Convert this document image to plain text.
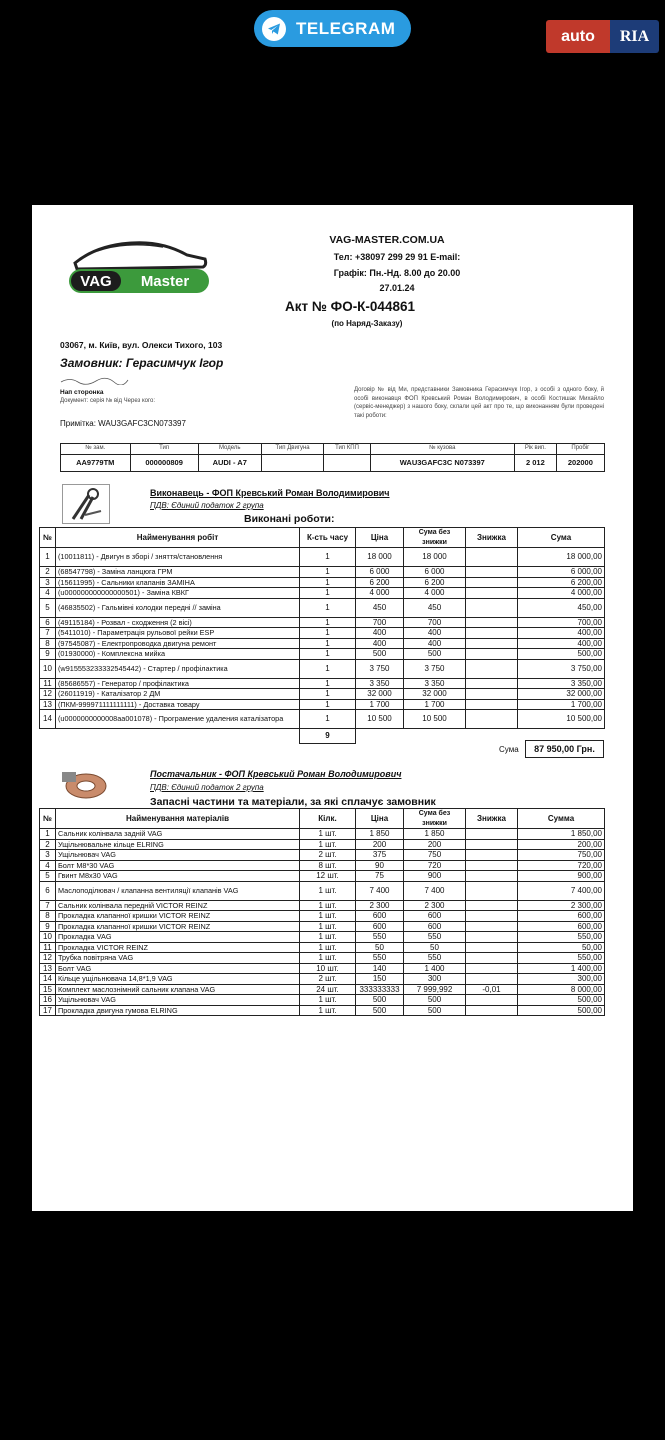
TELEGRAM	auto	RIA
VAG Master
VAG-MASTER.COM.UA
Тел: +38097 299 29 91 E-mail:
Графік: Пн.-Нд. 8.00 до 20.00
27.01.24
Акт № ФО-К-044861
(по Наряд-Заказу)
03067, м. Київ, вул. Олекси Тихого, 103
Замовник: Герасимчук Ігор
Нап сторонка
Документ: серія № від Через кого:
Примітка: WAU3GAFC3CN073397
Договір № від Ми, представники Замовника Герасимчук Ігор, з особі з одного боку, й особі виконавця ФОП Кревський Роман Володимирович, в особі Костишак Михайло (сервіс-менеджер) з нашого боку, склали цей акт про те, що виконанням були проведені такі роботи:
№ зам.	Тип	Модель	Тип Двигуна	Тип КПП	№ кузова	Рік вип.	Пробіг
AA9779TM	000000809	AUDI - A7			WAU3GAFC3C N073397	2 012	202000
Виконавець - ФОП Кревський Роман Володимирович
ПДВ: Єдиний податок 2 група
Виконані роботи:
№	Найменування робіт	К-сть часу	Ціна	Сума без знижки	Знижка	Сума
1	(10011811) - Двигун в зборі / зняття/становлення	1	18 000	18 000		18 000,00
2	(68547798) - Заміна ланцюга ГРМ	1	6 000	6 000		6 000,00
3	(15611995) - Сальники клапанів ЗАМІНА	1	6 200	6 200		6 200,00
4	(u000000000000000501) - Заміна КВКГ	1	4 000	4 000		4 000,00
5	(46835502) - Гальмівні колодки передні // заміна	1	450	450		450,00
6	(49115184) - Розвал - сходження (2 вісі)	1	700	700		700,00
7	(5411010) - Параметрація рульової рейки ESP	1	400	400		400,00
8	(97545087) - Електропроводка двигуна ремонт	1	400	400		400,00
9	(01930000) - Комплексна мийка	1	500	500		500,00
10	(w915553233332545442) - Стартер / профілактика	1	3 750	3 750		3 750,00
11	(85686557) - Генератор / профілактика	1	3 350	3 350		3 350,00
12	(26011919) - Каталізатор 2 ДМ	1	32 000	32 000		32 000,00
13	(ПКМ-999971111111111) - Доставка товару	1	1 700	1 700		1 700,00
14	(u0000000000008aa001078) - Програмение удаления каталізатора	1	10 500	10 500		10 500,00
		9				
Сума	87 950,00 Грн.
Постачальник - ФОП Кревський Роман Володимирович
ПДВ: Єдиний податок 2 група
Запасні частини та матеріали, за які сплачує замовник
№	Найменування матеріалів	Кілк.	Ціна	Сума без знижки	Знижка	Сумма
1	Сальник колінвала задній VAG	1 шт.	1 850	1 850		1 850,00
2	Ущільнювальне кільце ELRING	1 шт.	200	200		200,00
3	Ущільнювач VAG	2 шт.	375	750		750,00
4	Болт M8*30 VAG	8 шт.	90	720		720,00
5	Гвинт M8x30 VAG	12 шт.	75	900		900,00
6	Маслоподілювач / клапанна вентиляції клапанів VAG	1 шт.	7 400	7 400		7 400,00
7	Сальник колінвала передній VICTOR REINZ	1 шт.	2 300	2 300		2 300,00
8	Прокладка клапанної кришки VICTOR REINZ	1 шт.	600	600		600,00
9	Прокладка клапанної кришки VICTOR REINZ	1 шт.	600	600		600,00
10	Прокладка VAG	1 шт.	550	550		550,00
11	Прокладка VICTOR REINZ	1 шт.	50	50		50,00
12	Трубка повітряна VAG	1 шт.	550	550		550,00
13	Болт VAG	10 шт.	140	1 400		1 400,00
14	Кільце ущільнювача 14,8*1,9 VAG	2 шт.	150	300		300,00
15	Комплект маслознімний сальник клапана VAG	24 шт.	333333333	7 999,992	-0,01	8 000,00
16	Ущільнювач VAG	1 шт.	500	500		500,00
17	Прокладка двигуна гумова ELRING	1 шт.	500	500		500,00
